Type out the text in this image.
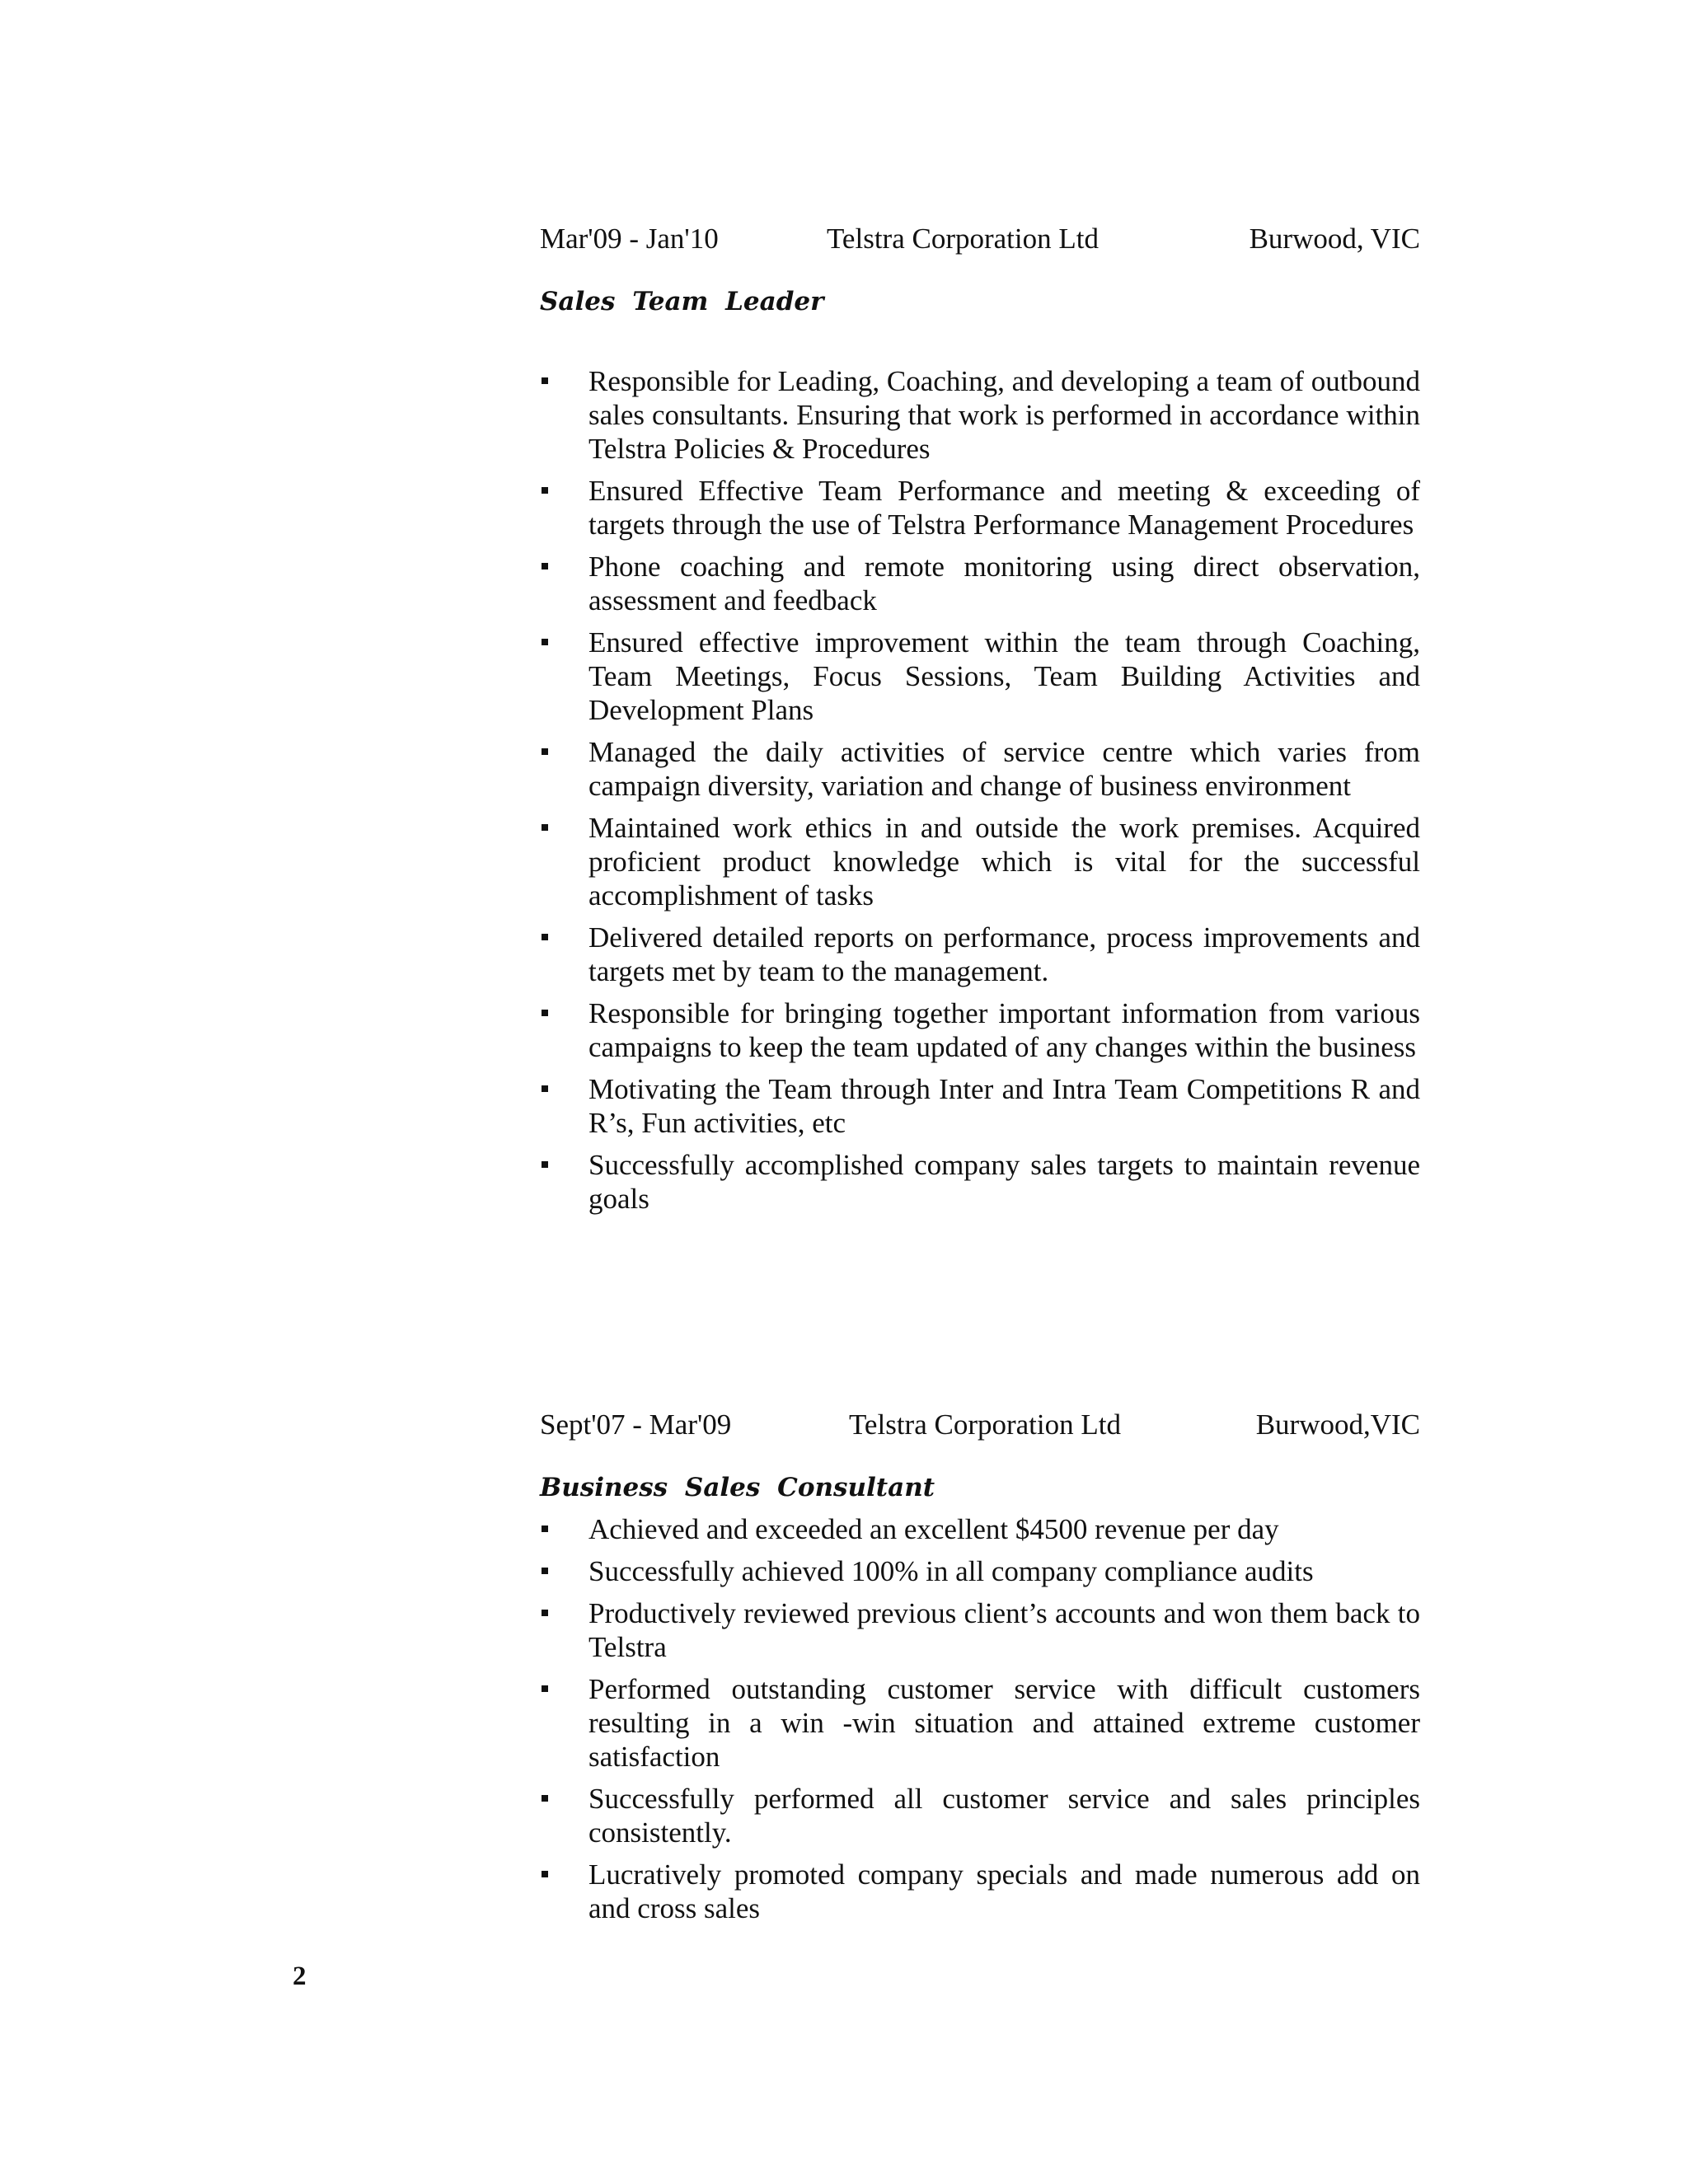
Mar'09 - Jan'10	Telstra Corporation Ltd	Burwood, VIC
Sales Team Leader
Responsible for Leading, Coaching, and developing a team of outbound sales consultants. Ensuring that work is performed in accordance within Telstra Policies & Procedures
Ensured Effective Team Performance and meeting & exceeding of targets through the use of Telstra Performance Management Procedures
Phone coaching and remote monitoring using direct observation, assessment and feedback
Ensured effective improvement within the team through Coaching, Team Meetings, Focus Sessions, Team Building Activities and Development Plans
Managed the daily activities of service centre which varies from campaign diversity, variation and change of business environment
Maintained work ethics in and outside the work premises. Acquired proficient product knowledge which is vital for the successful accomplishment of tasks
Delivered detailed reports on performance, process improvements and targets met by team to the management.
Responsible for bringing together important information from various campaigns to keep the team updated of any changes within the business
Motivating the Team through Inter and Intra Team Competitions R and R’s, Fun activities, etc
Successfully accomplished company sales targets to maintain revenue goals
Sept'07 - Mar'09	Telstra Corporation Ltd	Burwood,VIC
Business Sales Consultant
Achieved and exceeded an excellent $4500 revenue per day
Successfully achieved 100% in all company compliance audits
Productively reviewed previous client’s accounts and won them back to Telstra
Performed outstanding customer service with difficult customers resulting in a win -win situation and attained extreme customer satisfaction
Successfully performed all customer service and sales principles consistently.
Lucratively promoted company specials and made numerous add on and cross sales
2
